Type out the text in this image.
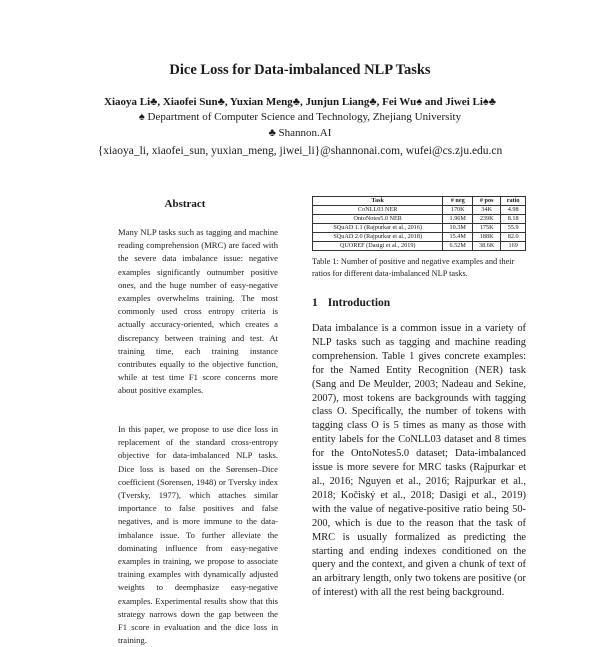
Dice Loss for Data-imbalanced NLP Tasks
Xiaoya Li♣, Xiaofei Sun♣, Yuxian Meng♣, Junjun Liang♣, Fei Wu♠ and Jiwei Li♠♣
♠ Department of Computer Science and Technology, Zhejiang University
♣ Shannon.AI
{xiaoya_li, xiaofei_sun, yuxian_meng, jiwei_li}@shannonai.com, wufei@cs.zju.edu.cn
Abstract

Many NLP tasks such as tagging and machine reading comprehension (MRC) are faced with the severe data imbalance issue: negative examples significantly outnumber positive ones, and the huge number of easy-negative examples overwhelms training. The most commonly used cross entropy criteria is actually accuracy-oriented, which creates a discrepancy between training and test. At training time, each training instance contributes equally to the objective function, while at test time F1 score concerns more about positive examples.

In this paper, we propose to use dice loss in replacement of the standard cross-entropy objective for data-imbalanced NLP tasks. Dice loss is based on the Sørensen–Dice coefficient (Sorensen, 1948) or Tversky index (Tversky, 1977), which attaches similar importance to false positives and false negatives, and is more immune to the data-imbalance issue. To further alleviate the dominating influence from easy-negative examples in training, we propose to associate training examples with dynamically adjusted weights to deemphasize easy-negative examples. Experimental results show that this strategy narrows down the gap between the F1 score in evaluation and the dice loss in training.

Task	# neg	# pos	ratio
CoNLL03 NER	170K	34K	4.98
OntoNotes5.0 NER	1.96M	239K	8.18
SQuAD 1.1 (Rajpurkar et al., 2016)	10.3M	175K	55.9
SQuAD 2.0 (Rajpurkar et al., 2018)	15.4M	188K	82.0
QUOREF (Dasigi et al., 2019)	6.52M	38.6K	169

Table 1: Number of positive and negative examples and their ratios for different data-imbalanced NLP tasks.

1 Introduction

Data imbalance is a common issue in a variety of NLP tasks such as tagging and machine reading comprehension. Table 1 gives concrete examples: for the Named Entity Recognition (NER) task (Sang and De Meulder, 2003; Nadeau and Sekine, 2007), most tokens are backgrounds with tagging class O. Specifically, the number of tokens with tagging class O is 5 times as many as those with entity labels for the CoNLL03 dataset and 8 times for the OntoNotes5.0 dataset; Data-imbalanced issue is more severe for MRC tasks (Rajpurkar et al., 2016; Nguyen et al., 2016; Rajpurkar et al., 2018; Kočiský et al., 2018; Dasigi et al., 2019) with the value of negative-positive ratio being 50-200, which is due to the reason that the task of MRC is usually formalized as predicting the starting and ending indexes conditioned on the query and the context, and given a chunk of text of an arbitrary length, only two tokens are positive (or of interest) with all the rest being background.
